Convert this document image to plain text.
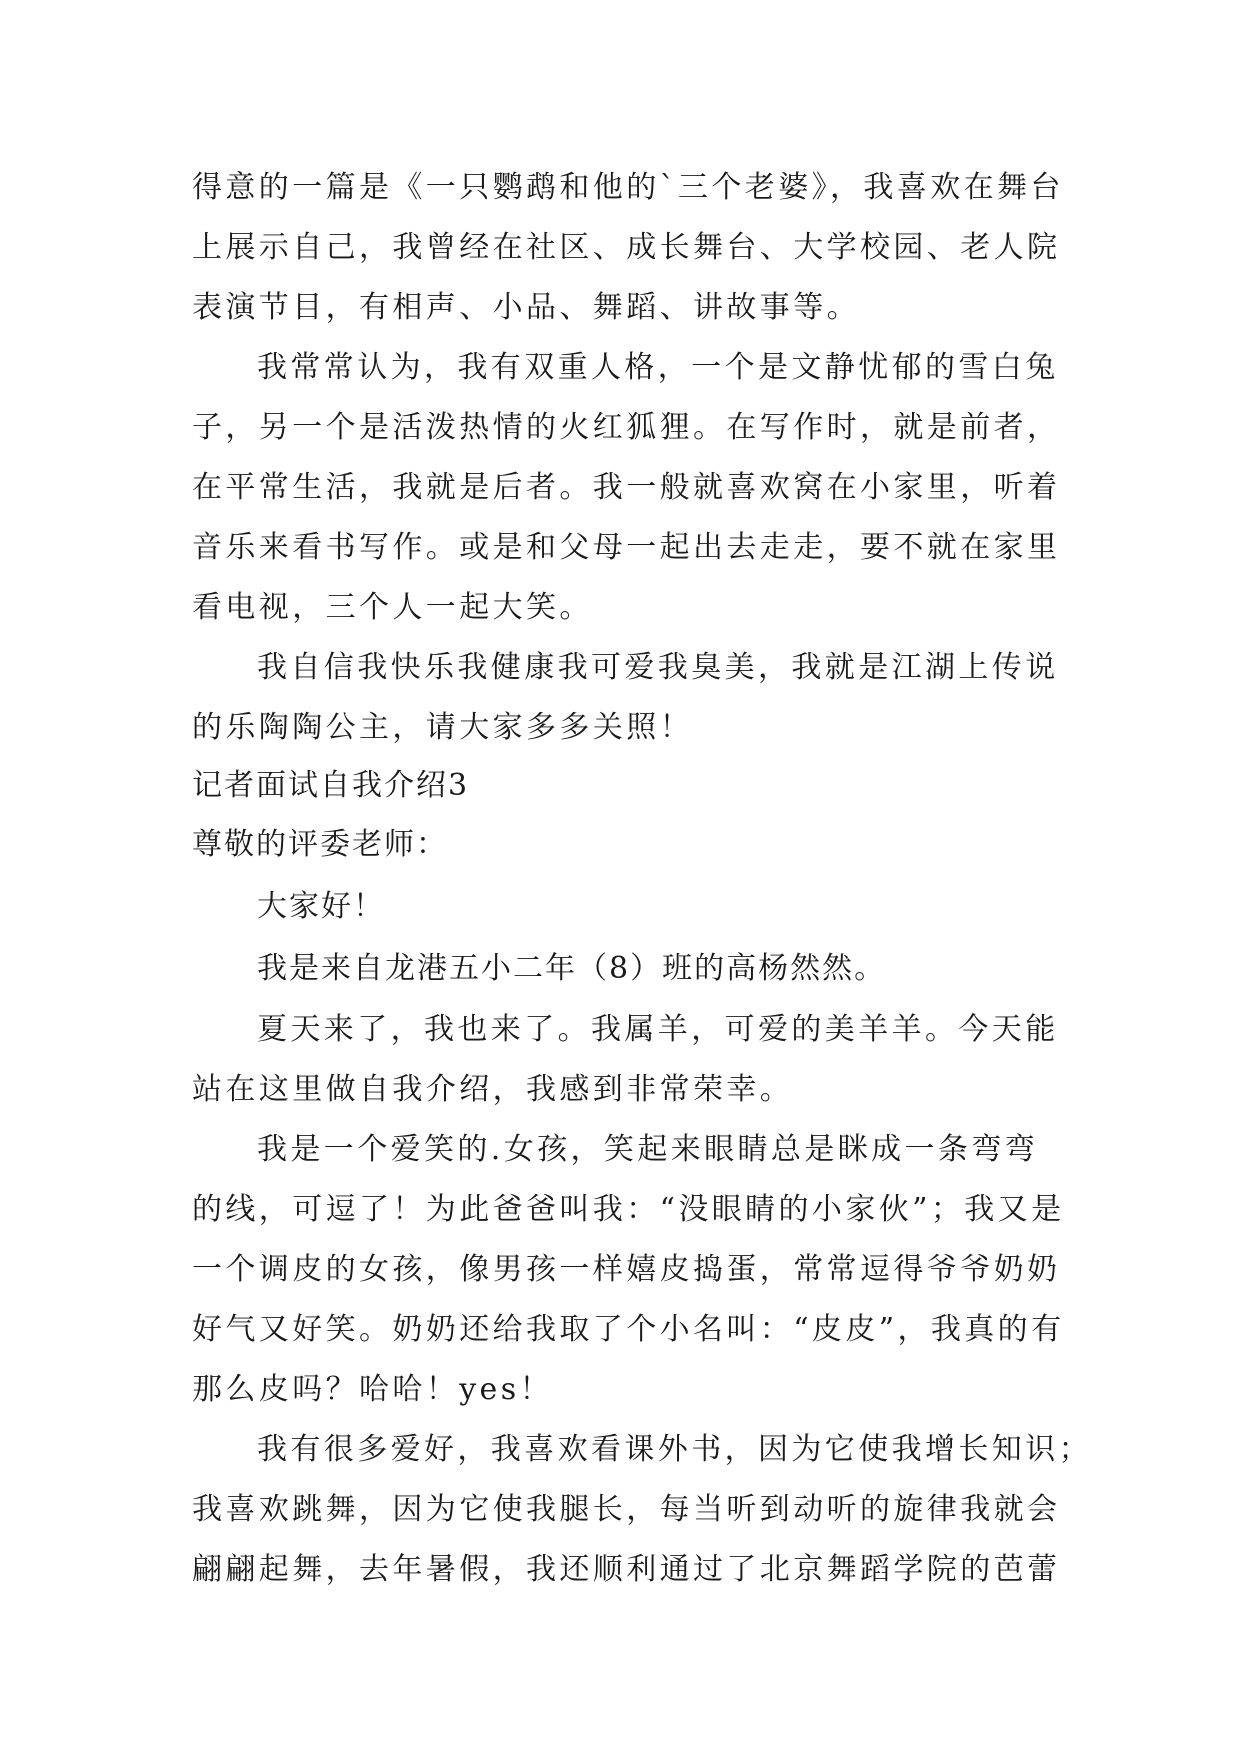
得意的一篇是《一只鹦鹉和他的`三个老婆》，我喜欢在舞台

上展示自己，我曾经在社区、成长舞台、大学校园、老人院

表演节目，有相声、小品、舞蹈、讲故事等。

我常常认为，我有双重人格，一个是文静忧郁的雪白兔

子，另一个是活泼热情的火红狐狸。在写作时，就是前者，

在平常生活，我就是后者。我一般就喜欢窝在小家里，听着

音乐来看书写作。或是和父母一起出去走走，要不就在家里

看电视，三个人一起大笑。

我自信我快乐我健康我可爱我臭美，我就是江湖上传说

的乐陶陶公主，请大家多多关照！

记者面试自我介绍3

尊敬的评委老师：

大家好！

我是来自龙港五小二年（8）班的高杨然然。

夏天来了，我也来了。我属羊，可爱的美羊羊。今天能

站在这里做自我介绍，我感到非常荣幸。

我是一个爱笑的.女孩，笑起来眼睛总是眯成一条弯弯

的线，可逗了！为此爸爸叫我：“没眼睛的小家伙”；我又是

一个调皮的女孩，像男孩一样嬉皮捣蛋，常常逗得爷爷奶奶

好气又好笑。奶奶还给我取了个小名叫：“皮皮”，我真的有

那么皮吗？哈哈！yes！

我有很多爱好，我喜欢看课外书，因为它使我增长知识；

我喜欢跳舞，因为它使我腿长，每当听到动听的旋律我就会

翩翩起舞，去年暑假，我还顺利通过了北京舞蹈学院的芭蕾
